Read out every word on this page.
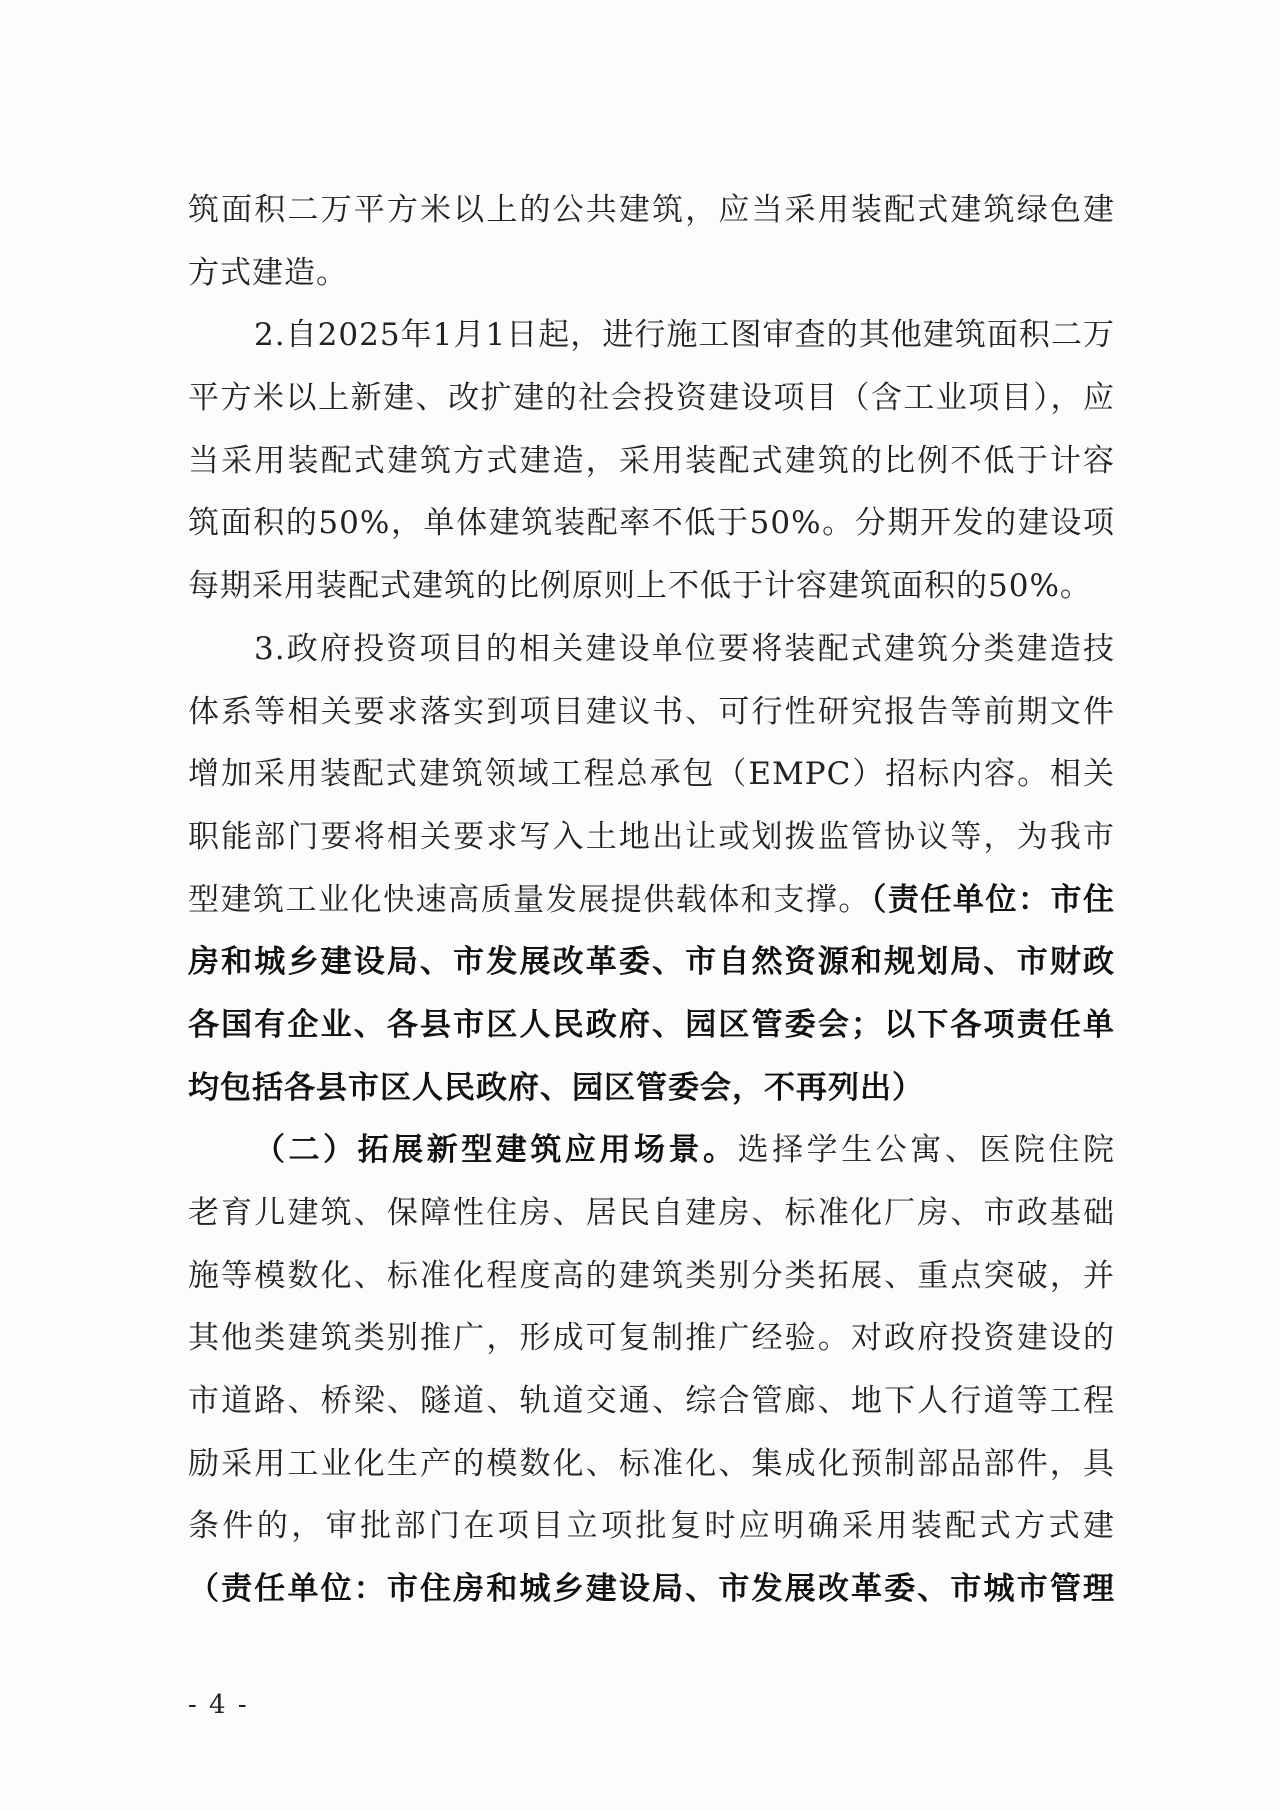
筑面积二万平方米以上的公共建筑，应当采用装配式建筑绿色建
方式建造。
2.自2025年1月1日起，进行施工图审查的其他建筑面积二万
平方米以上新建、改扩建的社会投资建设项目（含工业项目），应
当采用装配式建筑方式建造，采用装配式建筑的比例不低于计容
筑面积的50%，单体建筑装配率不低于50%。分期开发的建设项
每期采用装配式建筑的比例原则上不低于计容建筑面积的50%。
3.政府投资项目的相关建设单位要将装配式建筑分类建造技
体系等相关要求落实到项目建议书、可行性研究报告等前期文件
增加采用装配式建筑领域工程总承包（EMPC）招标内容。相关
职能部门要将相关要求写入土地出让或划拨监管协议等，为我市
型建筑工业化快速高质量发展提供载体和支撑。（责任单位：市住
房和城乡建设局、市发展改革委、市自然资源和规划局、市财政
各国有企业、各县市区人民政府、园区管委会；以下各项责任单
均包括各县市区人民政府、园区管委会，不再列出）
（二）拓展新型建筑应用场景。选择学生公寓、医院住院
老育儿建筑、保障性住房、居民自建房、标准化厂房、市政基础
施等模数化、标准化程度高的建筑类别分类拓展、重点突破，并
其他类建筑类别推广，形成可复制推广经验。对政府投资建设的
市道路、桥梁、隧道、轨道交通、综合管廊、地下人行道等工程
励采用工业化生产的模数化、标准化、集成化预制部品部件，具
条件的，审批部门在项目立项批复时应明确采用装配式方式建
（责任单位：市住房和城乡建设局、市发展改革委、市城市管理
- 4 -
